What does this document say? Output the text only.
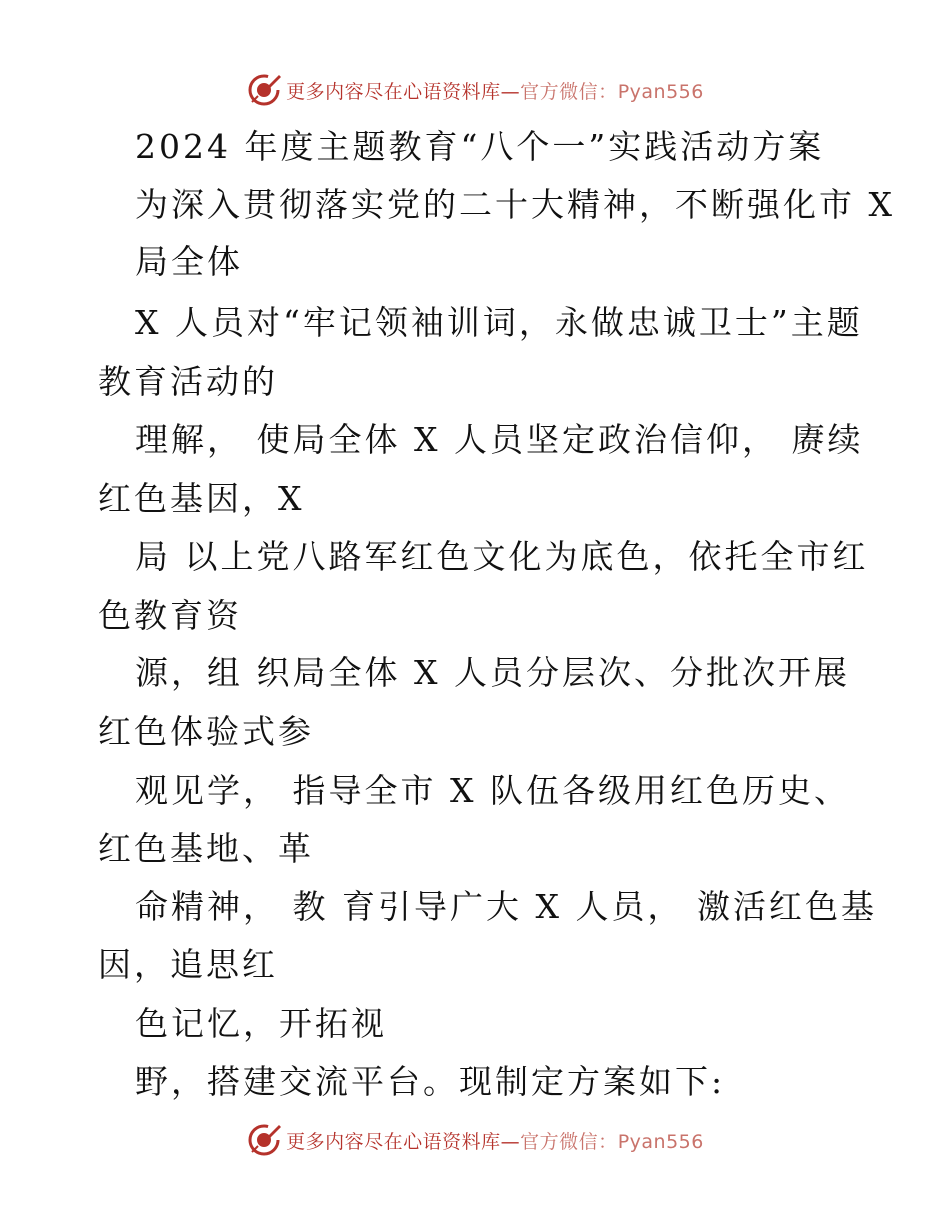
更多内容尽在心语资料库—官方微信：Pyan556

2024 年度主题教育“八个一”实践活动方案

为深入贯彻落实党的二十大精神，不断强化市 X

局全体

X 人员对“牢记领袖训词，永做忠诚卫士”主题

教育活动的

理解， 使局全体 X 人员坚定政治信仰， 赓续

红色基因，X

局 以上党八路军红色文化为底色，依托全市红

色教育资

源，组 织局全体 X 人员分层次、分批次开展

红色体验式参

观见学， 指导全市 X 队伍各级用红色历史、

红色基地、革

命精神， 教 育引导广大 X 人员， 激活红色基

因，追思红

色记忆，开拓视

野，搭建交流平台。现制定方案如下:

更多内容尽在心语资料库—官方微信：Pyan556
